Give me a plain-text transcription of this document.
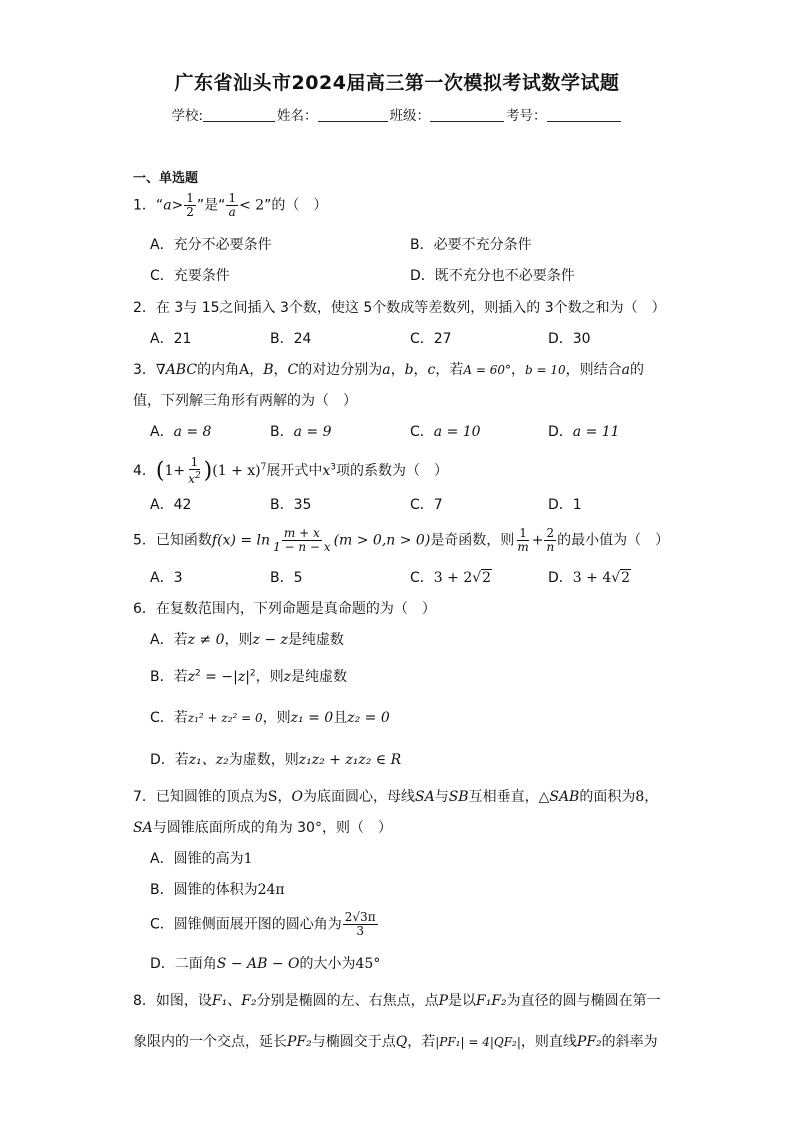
广东省汕头市2024届高三第一次模拟考试数学试题
学校:	姓名：	班级：	考号：
一、单选题
1．“$a> \frac{1}{2}$ ”是“ $\frac{1}{a} < 2$”的（　）
A．充分不必要条件	B．必要不充分条件
C．充要条件	D．既不充分也不必要条件
2．在 3与 15之间插入 3个数，使这 5个数成等差数列，则插入的 3个数之和为（　）
A．21	B．24	C．27	D．30
3．∇ABC的内角A，B，C的对边分别为a，b，c，若A = 60°，b = 10，则结合a的
值，下列解三角形有两解的为（　）
A．a = 8	B．a = 9	C．a = 10	D．a = 11
4．$(1+ \frac{1}{x^2} )(1 + x)^7$展开式中$x^3$项的系数为（　）
A．42	B．35	C．7	D．1
5．已知函数$f(x) = \ln \frac{m + x}{1 - n - x} (m > 0,n > 0)$是奇函数，则 $\frac{1}{m} + \frac{2}{n}$ 的最小值为（　）
A．3	B．5	C．3 + 2√2	D．3 + 4√2
6．在复数范围内，下列命题是真命题的为（　）
A．若z ≠ 0，则z − z是纯虚数
B．若$z^2 = -|z|^2$，则z是纯虚数
C．若z₁² + z₂² = 0，则z₁ = 0且z₂ = 0
D．若z₁、z₂为虚数，则z₁z₂ + z₁z₂ ∈ R
7．已知圆锥的顶点为S，O为底面圆心，母线SA与SB互相垂直，△SAB的面积为8，
SA与圆锥底面所成的角为 30°，则（　）
A．圆锥的高为1
B．圆锥的体积为24π
C．圆锥侧面展开图的圆心角为 $\frac{2√3\pi}{3}$
D．二面角S − AB − O的大小为45°
8．如图，设F₁、F₂分别是椭圆的左、右焦点，点P是以F₁F₂为直径的圆与椭圆在第一
象限内的一个交点，延长PF₂与椭圆交于点Q，若|PF₁| = 4|QF₂|，则直线PF₂的斜率为
